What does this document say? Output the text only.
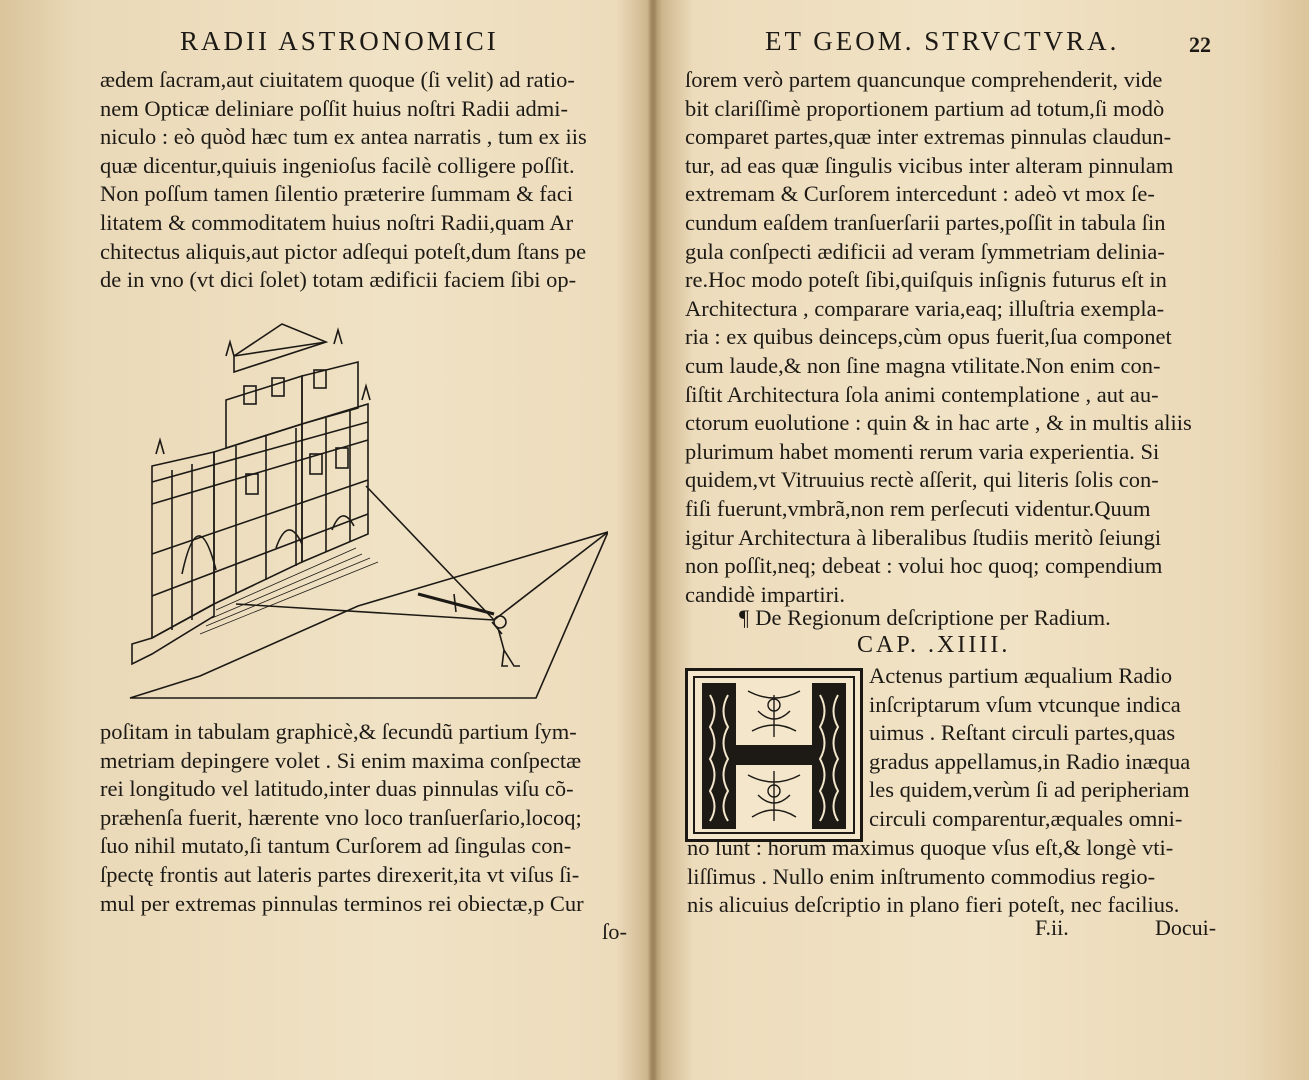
RADII ASTRONOMICI
ædem ſacram,aut ciuitatem quoque (ſi velit) ad ratio-
nem Opticæ deliniare poſſit huius noſtri Radii admi-
niculo : eò quòd hæc tum ex antea narratis , tum ex iis
quæ dicentur,quiuis ingenioſus facilè colligere poſſit.
Non poſſum tamen ſilentio præterire ſummam & faci
litatem & commoditatem huius noſtri Radii,quam Ar
chitectus aliquis,aut pictor adſequi poteſt,dum ſtans pe
de in vno (vt dici ſolet) totam ædificii faciem ſibi op-
poſitam in tabulam graphicè,& ſecundũ partium ſym-
metriam depingere volet . Si enim maxima conſpectæ
rei longitudo vel latitudo,inter duas pinnulas viſu cõ-
præhenſa fuerit, hærente vno loco tranſuerſario,locoq;
ſuo nihil mutato,ſi tantum Curſorem ad ſingulas con-
ſpectę frontis aut lateris partes direxerit,ita vt viſus ſi-
mul per extremas pinnulas terminos rei obiectæ,p Cur
ſo-
ET GEOM. STRVCTVRA.	22
ſorem verò partem quancunque comprehenderit, vide
bit clariſſimè proportionem partium ad totum,ſi modò
comparet partes,quæ inter extremas pinnulas claudun-
tur, ad eas quæ ſingulis vicibus inter alteram pinnulam
extremam & Curſorem intercedunt : adeò vt mox ſe-
cundum eaſdem tranſuerſarii partes,poſſit in tabula ſin
gula conſpecti ædificii ad veram ſymmetriam delinia-
re.Hoc modo poteſt ſibi,quiſquis inſignis futurus eſt in
Architectura , comparare varia,eaq; illuſtria exempla-
ria : ex quibus deinceps,cùm opus fuerit,ſua componet
cum laude,& non ſine magna vtilitate.Non enim con-
ſiſtit Architectura ſola animi contemplatione , aut au-
ctorum euolutione : quin & in hac arte , & in multis aliis
plurimum habet momenti rerum varia experientia. Si
quidem,vt Vitruuius rectè aſſerit, qui literis ſolis con-
fiſi fuerunt,vmbrã,non rem perſecuti videntur.Quum
igitur Architectura à liberalibus ſtudiis meritò ſeiungi
non poſſit,neq; debeat : volui hoc quoq; compendium
candidè impartiri.
¶ De Regionum deſcriptione per Radium.
CAP. .XIIII.
Actenus partium æqualium Radio
inſcriptarum vſum vtcunque indica
uimus . Reſtant circuli partes,quas
gradus appellamus,in Radio inæqua
les quidem,verùm ſi ad peripheriam
circuli comparentur,æquales omni-
no ſunt : horum maximus quoque vſus eſt,& longè vti-
liſſimus . Nullo enim inſtrumento commodius regio-
nis alicuius deſcriptio in plano fieri poteſt, nec facilius.
F.ii.	Docui-
